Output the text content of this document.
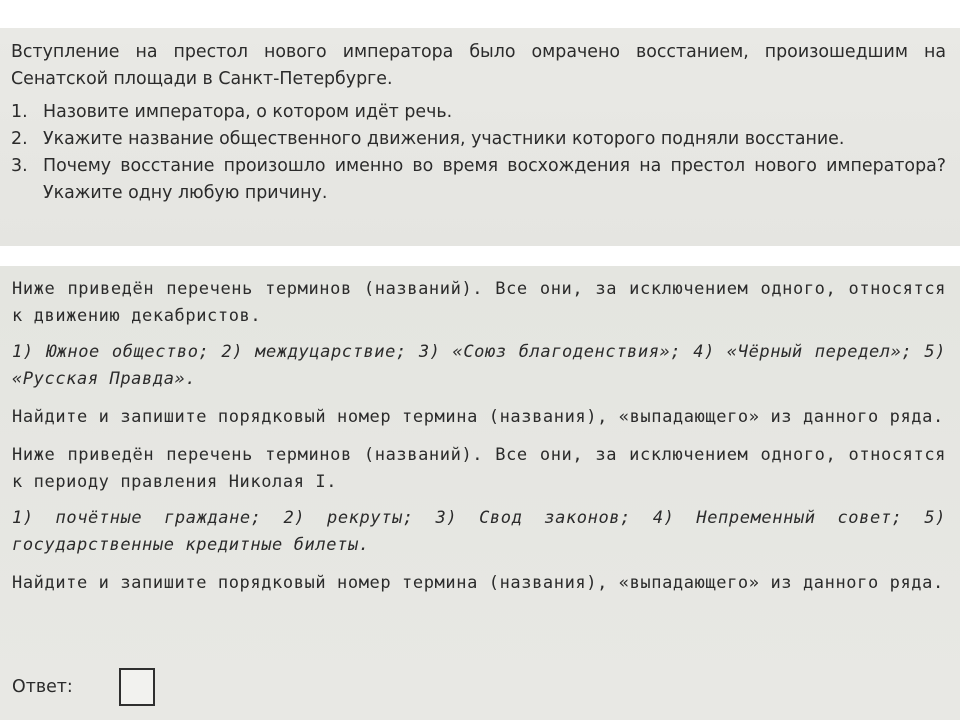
Вступление на престол нового императора было омрачено восстанием, произошедшим на Сенатской площади в Санкт-Петербурге.

1. Назовите императора, о котором идёт речь.
2. Укажите название общественного движения, участники которого подняли восстание.
3. Почему восстание произошло именно во время восхождения на престол нового императора? Укажите одну любую причину.

Ниже приведён перечень терминов (названий). Все они, за исключением одного, относятся к движению декабристов.

1) Южное общество; 2) междуцарствие; 3) «Союз благоденствия»; 4) «Чёрный передел»; 5) «Русская Правда».

Найдите и запишите порядковый номер термина (названия), «выпадающего» из данного ряда.

Ниже приведён перечень терминов (названий). Все они, за исключением одного, относятся к периоду правления Николая I.

1) почётные граждане; 2) рекруты; 3) Свод законов; 4) Непременный совет; 5) государственные кредитные билеты.

Найдите и запишите порядковый номер термина (названия), «выпадающего» из данного ряда.

Ответ:
